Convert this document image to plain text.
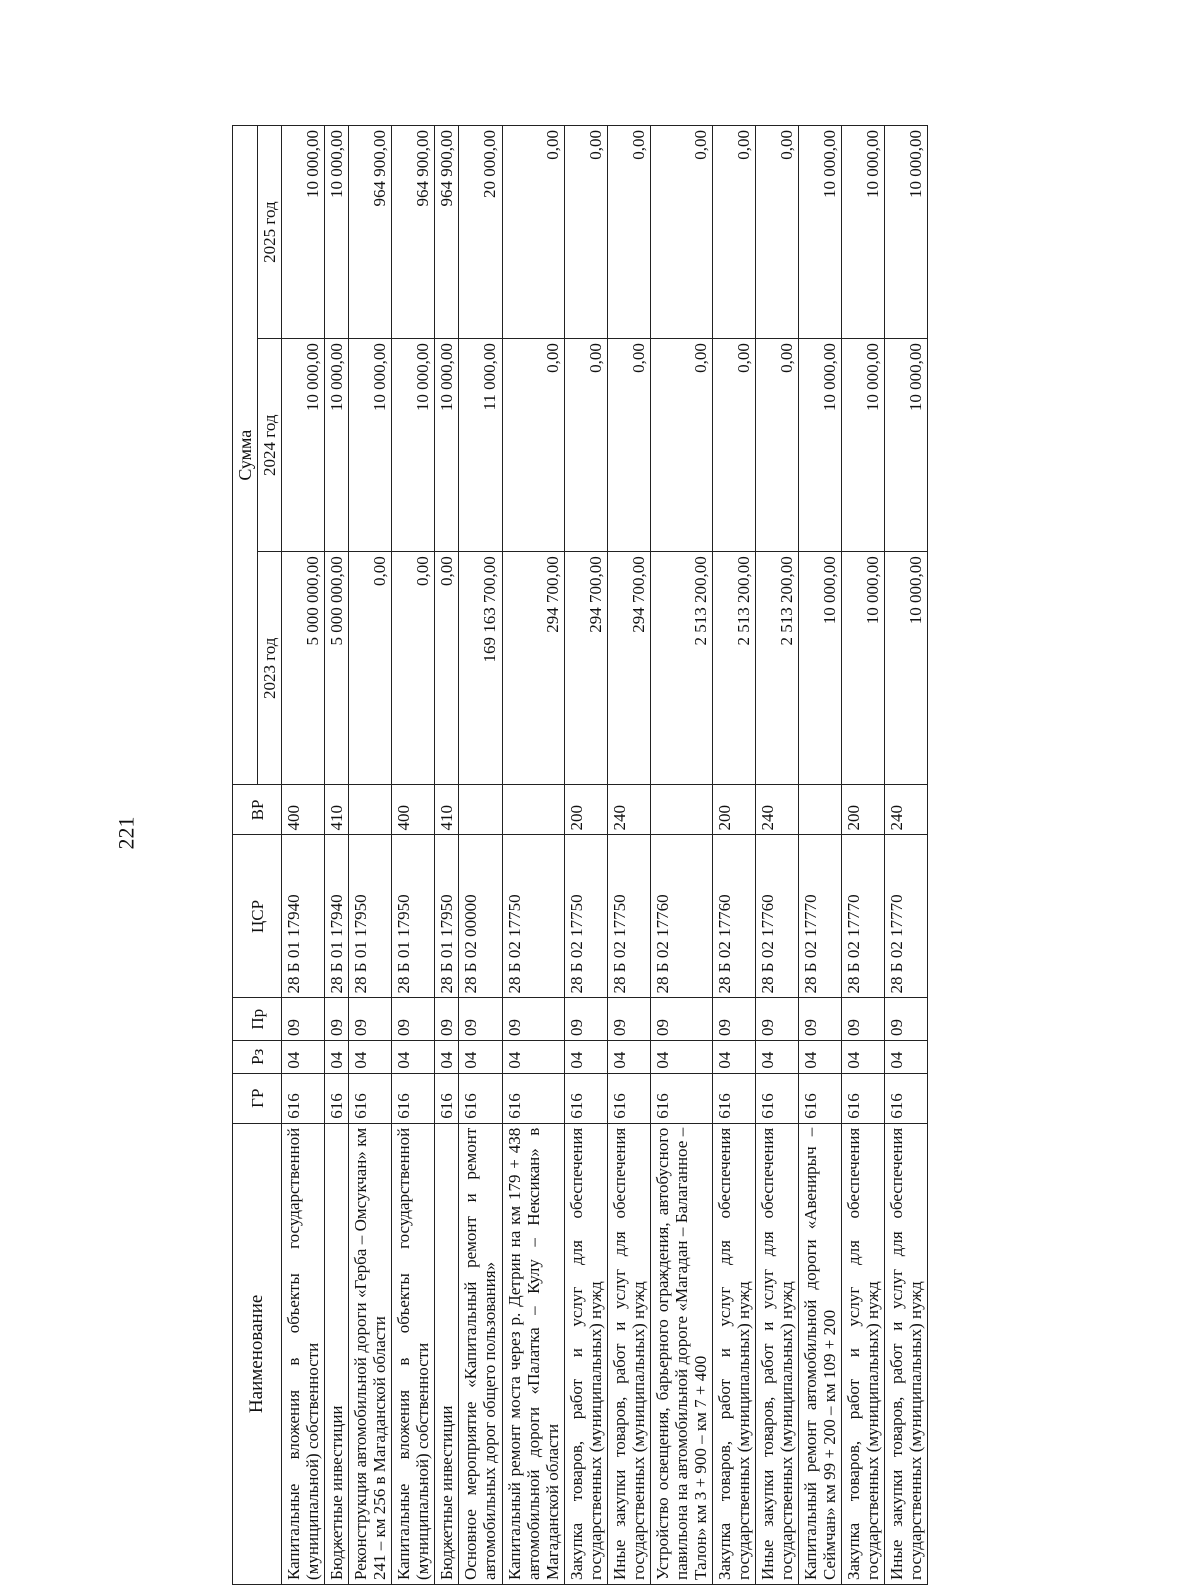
221
Наименование	ГР	Рз	Пр	ЦСР	ВР	Сумма		
						2023 год	2024 год	2025 год
Капитальные вложения в объекты государственной (муниципальной) собственности	616	04	09	28 Б 01 17940	400	5 000 000,00	10 000,00	10 000,00
Бюджетные инвестиции	616	04	09	28 Б 01 17940	410	5 000 000,00	10 000,00	10 000,00
Реконструкция автомобильной дороги «Герба – Омсукчан» км 241 – км 256 в Магаданской области	616	04	09	28 Б 01 17950		0,00	10 000,00	964 900,00
Капитальные вложения в объекты государственной (муниципальной) собственности	616	04	09	28 Б 01 17950	400	0,00	10 000,00	964 900,00
Бюджетные инвестиции	616	04	09	28 Б 01 17950	410	0,00	10 000,00	964 900,00
Основное мероприятие «Капитальный ремонт и ремонт автомобильных дорог общего пользования»	616	04	09	28 Б 02 00000		169 163 700,00	11 000,00	20 000,00
Капитальный ремонт моста через р. Детрин на км 179 + 438 автомобильной дороги «Палатка – Кулу – Нексикан» в Магаданской области	616	04	09	28 Б 02 17750		294 700,00	0,00	0,00
Закупка товаров, работ и услуг для обеспечения государственных (муниципальных) нужд	616	04	09	28 Б 02 17750	200	294 700,00	0,00	0,00
Иные закупки товаров, работ и услуг для обеспечения государственных (муниципальных) нужд	616	04	09	28 Б 02 17750	240	294 700,00	0,00	0,00
Устройство освещения, барьерного ограждения, автобусного павильона на автомобильной дороге «Магадан – Балаганное – Талон» км 3 + 900 – км 7 + 400	616	04	09	28 Б 02 17760		2 513 200,00	0,00	0,00
Закупка товаров, работ и услуг для обеспечения государственных (муниципальных) нужд	616	04	09	28 Б 02 17760	200	2 513 200,00	0,00	0,00
Иные закупки товаров, работ и услуг для обеспечения государственных (муниципальных) нужд	616	04	09	28 Б 02 17760	240	2 513 200,00	0,00	0,00
Капитальный ремонт автомобильной дороги «Авенирыч – Сеймчан» км 99 + 200 – км 109 + 200	616	04	09	28 Б 02 17770		10 000,00	10 000,00	10 000,00
Закупка товаров, работ и услуг для обеспечения государственных (муниципальных) нужд	616	04	09	28 Б 02 17770	200	10 000,00	10 000,00	10 000,00
Иные закупки товаров, работ и услуг для обеспечения государственных (муниципальных) нужд	616	04	09	28 Б 02 17770	240	10 000,00	10 000,00	10 000,00
